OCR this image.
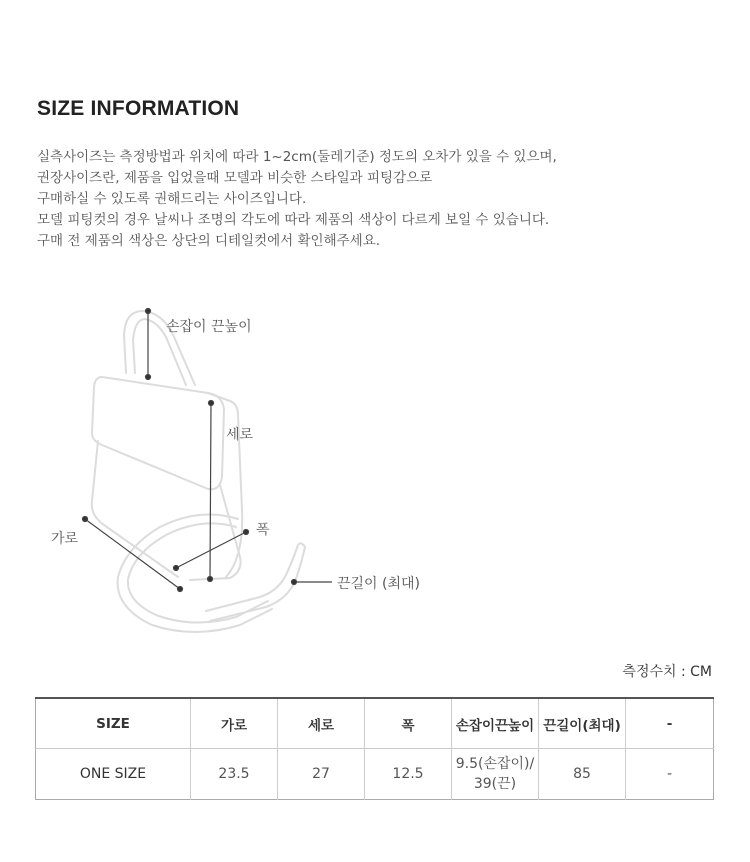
SIZE INFORMATION
실측사이즈는 측정방법과 위치에 따라 1~2cm(둘레기준) 정도의 오차가 있을 수 있으며,
권장사이즈란, 제품을 입었을때 모델과 비슷한 스타일과 피팅감으로
구매하실 수 있도록 권해드리는 사이즈입니다.
모델 피팅컷의 경우 날씨나 조명의 각도에 따라 제품의 색상이 다르게 보일 수 있습니다.
구매 전 제품의 색상은 상단의 디테일컷에서 확인해주세요.
손잡이 끈높이
세로
폭
가로
끈길이 (최대)
측정수치 : CM
SIZE	가로	세로	폭	손잡이끈높이	끈길이(최대)	-
ONE SIZE	23.5	27	12.5	9.5(손잡이)/
39(끈)	85	-
